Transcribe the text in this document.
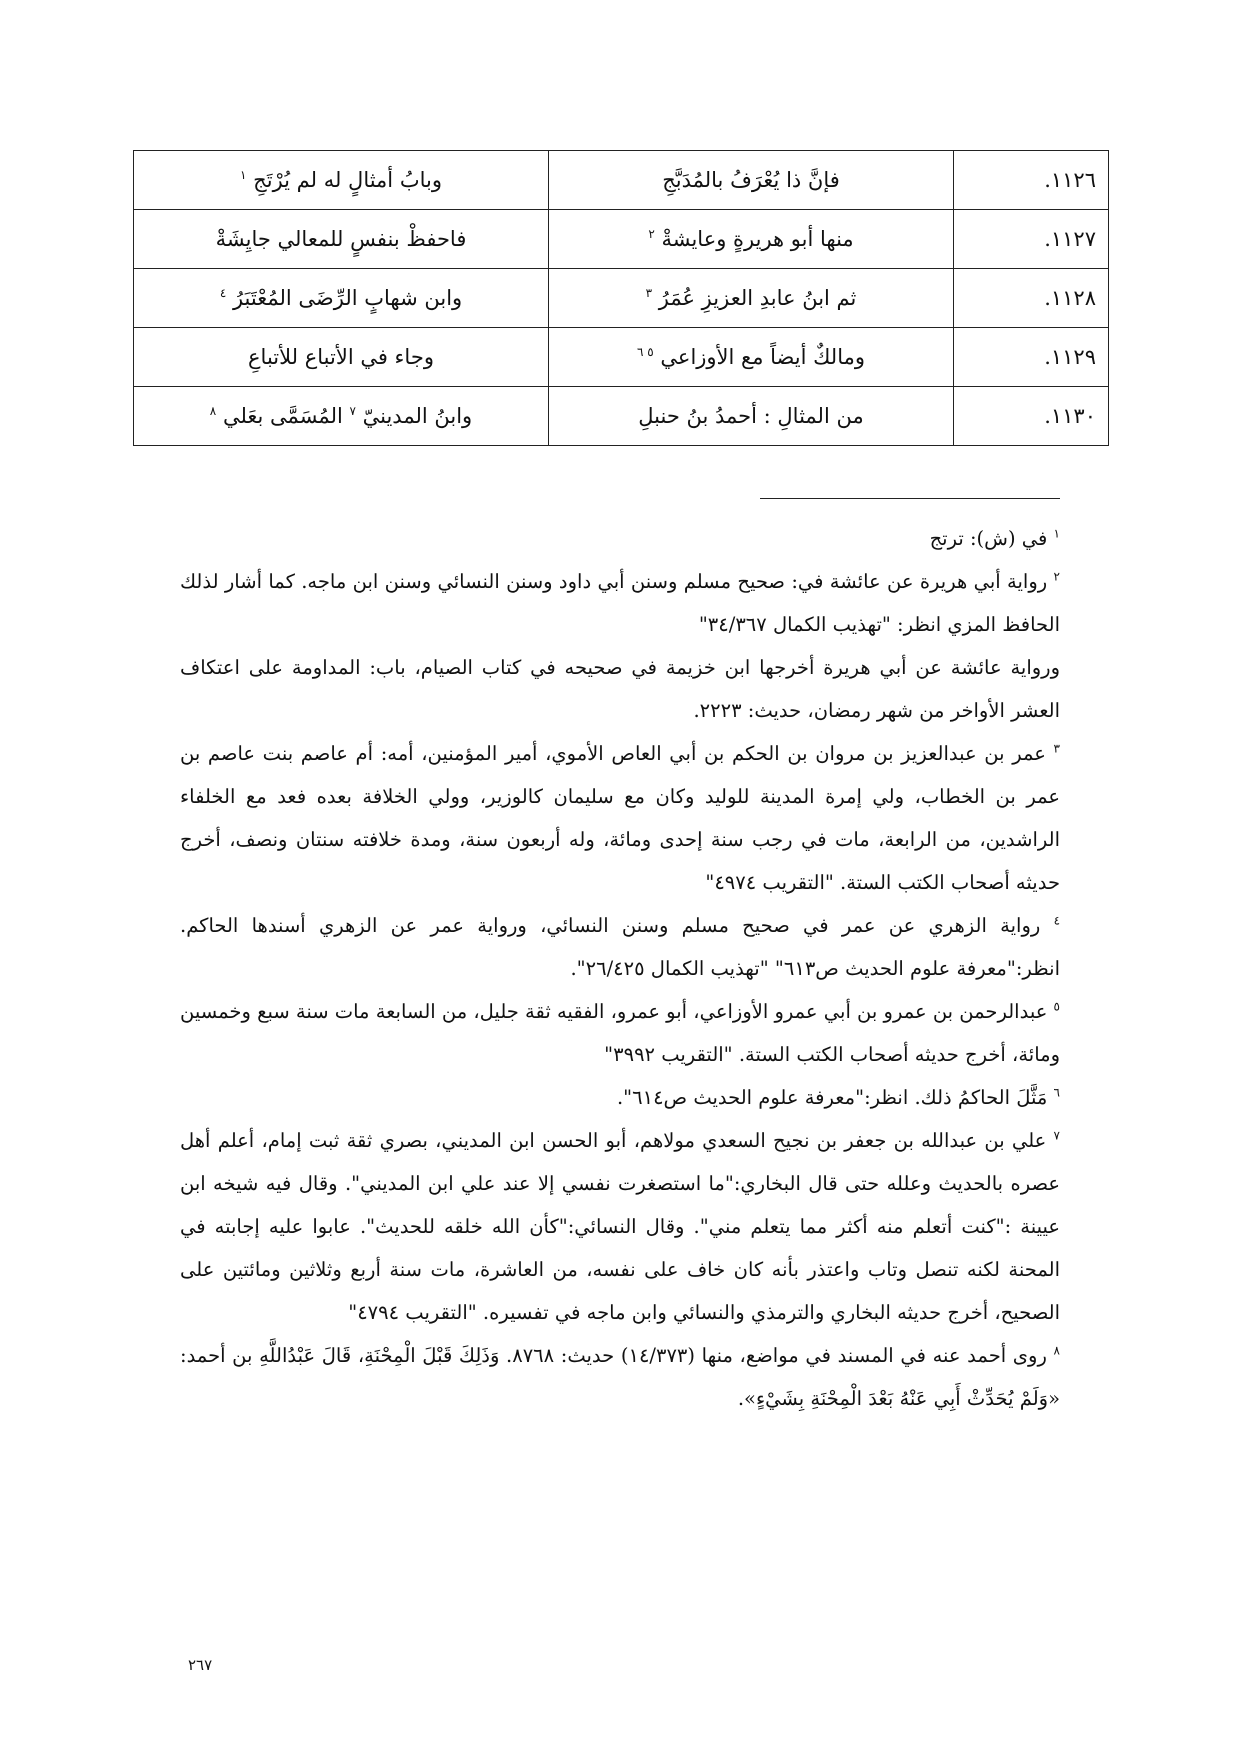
١١٢٦.	فإنَّ ذا يُعْرَفُ بالمُدَبَّجِ	وبابُ أمثالٍ له لم يُرْتَجِ $^١$
١١٢٧.	منها أبو هريرةٍ وعايشةْ $^٢$	فاحفظْ بنفسٍ للمعالي جايِشَةْ
١١٢٨.	ثم ابنُ عابدِ العزيزِ عُمَرُ $^٣$	وابن شهابٍ الرِّضَى المُعْتَبَرُ $^٤$
١١٢٩.	ومالكٌ أيضاً مع الأوزاعي $^{٥ ٦}$	وجاء في الأتباع للأتباعِ
١١٣٠.	من المثالِ : أحمدُ بنُ حنبلِ	وابنُ المدينيّ $^٧$ المُسَمَّى بعَلي $^٨$

$^١$ في (ش): ترتج

$^٢$ رواية أبي هريرة عن عائشة في: صحيح مسلم وسنن أبي داود وسنن النسائي وسنن ابن ماجه. كما أشار لذلك الحافظ المزي انظر: "تهذيب الكمال ٣٤/٣٦٧"

ورواية عائشة عن أبي هريرة أخرجها ابن خزيمة في صحيحه في كتاب الصيام، باب: المداومة على اعتكاف العشر الأواخر من شهر رمضان، حديث: ٢٢٢٣.

$^٣$ عمر بن عبدالعزيز بن مروان بن الحكم بن أبي العاص الأموي، أمير المؤمنين، أمه: أم عاصم بنت عاصم بن عمر بن الخطاب، ولي إمرة المدينة للوليد وكان مع سليمان كالوزير، وولي الخلافة بعده فعد مع الخلفاء الراشدين، من الرابعة، مات في رجب سنة إحدى ومائة، وله أربعون سنة، ومدة خلافته سنتان ونصف، أخرج حديثه أصحاب الكتب الستة. "التقريب ٤٩٧٤"

$^٤$ رواية الزهري عن عمر في صحيح مسلم وسنن النسائي، ورواية عمر عن الزهري أسندها الحاكم. انظر:"معرفة علوم الحديث ص٦١٣" "تهذيب الكمال ٢٦/٤٢٥".

$^٥$ عبدالرحمن بن عمرو بن أبي عمرو الأوزاعي، أبو عمرو، الفقيه ثقة جليل، من السابعة مات سنة سبع وخمسين ومائة، أخرج حديثه أصحاب الكتب الستة. "التقريب ٣٩٩٢"

$^٦$ مَثَّلَ الحاكمُ ذلك. انظر:"معرفة علوم الحديث ص٦١٤".

$^٧$ علي بن عبدالله بن جعفر بن نجيح السعدي مولاهم، أبو الحسن ابن المديني، بصري ثقة ثبت إمام، أعلم أهل عصره بالحديث وعلله حتى قال البخاري:"ما استصغرت نفسي إلا عند علي ابن المديني". وقال فيه شيخه ابن عيينة :"كنت أتعلم منه أكثر مما يتعلم مني". وقال النسائي:"كأن الله خلقه للحديث". عابوا عليه إجابته في المحنة لكنه تنصل وتاب واعتذر بأنه كان خاف على نفسه، من العاشرة، مات سنة أربع وثلاثين ومائتين على الصحيح، أخرج حديثه البخاري والترمذي والنسائي وابن ماجه في تفسيره. "التقريب ٤٧٩٤"

$^٨$ روى أحمد عنه في المسند في مواضع، منها (١٤/٣٧٣) حديث: ٨٧٦٨. وَذَلِكَ قَبْلَ الْمِحْنَةِ، قَالَ عَبْدُاللَّهِ بن أحمد: «وَلَمْ يُحَدِّثْ أَبِي عَنْهُ بَعْدَ الْمِحْنَةِ بِشَيْءٍ».

٢٦٧
